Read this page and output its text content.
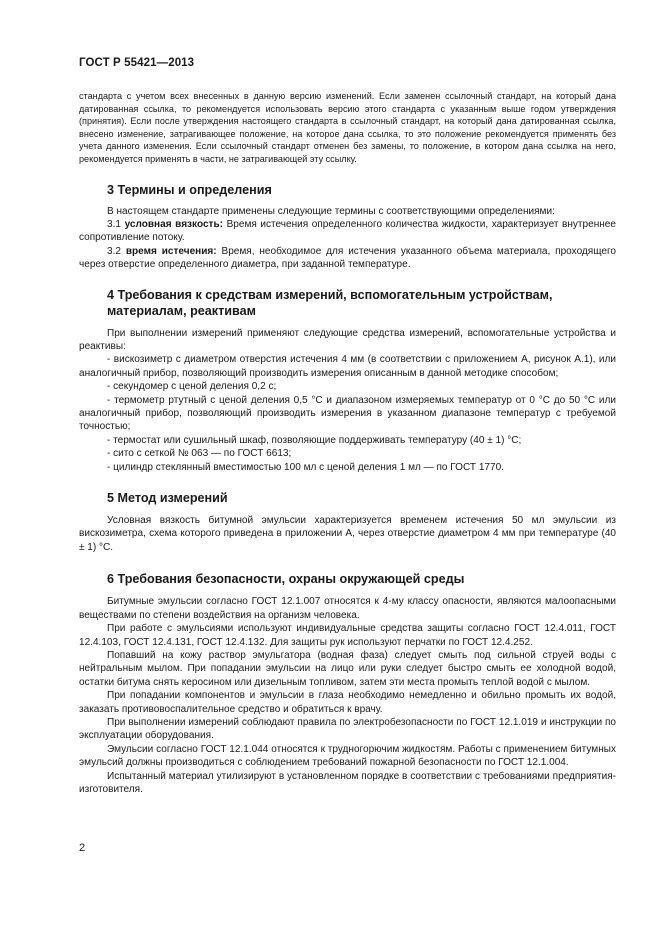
ГОСТ Р 55421—2013

стандарта с учетом всех внесенных в данную версию изменений. Если заменен ссылочный стандарт, на который дана датированная ссылка, то рекомендуется использовать версию этого стандарта с указанным выше годом утверждения (принятия). Если после утверждения настоящего стандарта в ссылочный стандарт, на который дана датированная ссылка, внесено изменение, затрагивающее положение, на которое дана ссылка, то это положение рекомендуется применять без учета данного изменения. Если ссылочный стандарт отменен без замены, то положение, в котором дана ссылка на него, рекомендуется применять в части, не затрагивающей эту ссылку.

3 Термины и определения

В настоящем стандарте применены следующие термины с соответствующими определениями:

3.1 условная вязкость: Время истечения определенного количества жидкости, характеризует внутреннее сопротивление потоку.

3.2 время истечения: Время, необходимое для истечения указанного объема материала, проходящего через отверстие определенного диаметра, при заданной температуре.

4 Требования к средствам измерений, вспомогательным устройствам, материалам, реактивам

При выполнении измерений применяют следующие средства измерений, вспомогательные устройства и реактивы:

- вискозиметр с диаметром отверстия истечения 4 мм (в соответствии с приложением А, рисунок А.1), или аналогичный прибор, позволяющий производить измерения описанным в данной методике способом;

- секундомер с ценой деления 0,2 с;

- термометр ртутный с ценой деления 0,5 °С и диапазоном измеряемых температур от 0 °С до 50 °С или аналогичный прибор, позволяющий производить измерения в указанном диапазоне температур с требуемой точностью;

- термостат или сушильный шкаф, позволяющие поддерживать температуру (40 ± 1) °С;

- сито с сеткой № 063 — по ГОСТ 6613;

- цилиндр стеклянный вместимостью 100 мл с ценой деления 1 мл — по ГОСТ 1770.

5 Метод измерений

Условная вязкость битумной эмульсии характеризуется временем истечения 50 мл эмульсии из вискозиметра, схема которого приведена в приложении А, через отверстие диаметром 4 мм при температуре (40 ± 1) °С.

6 Требования безопасности, охраны окружающей среды

Битумные эмульсии согласно ГОСТ 12.1.007 относятся к 4-му классу опасности, являются малоопасными веществами по степени воздействия на организм человека.

При работе с эмульсиями используют индивидуальные средства защиты согласно ГОСТ 12.4.011, ГОСТ 12.4.103, ГОСТ 12.4.131, ГОСТ 12.4.132. Для защиты рук используют перчатки по ГОСТ 12.4.252.

Попавший на кожу раствор эмульгатора (водная фаза) следует смыть под сильной струей воды с нейтральным мылом. При попадании эмульсии на лицо или руки следует быстро смыть ее холодной водой, остатки битума снять керосином или дизельным топливом, затем эти места промыть теплой водой с мылом.

При попадании компонентов и эмульсии в глаза необходимо немедленно и обильно промыть их водой, заказать противовоспалительное средство и обратиться к врачу.

При выполнении измерений соблюдают правила по электробезопасности по ГОСТ 12.1.019 и инструкции по эксплуатации оборудования.

Эмульсии согласно ГОСТ 12.1.044 относятся к трудногорючим жидкостям. Работы с применением битумных эмульсий должны производиться с соблюдением требований пожарной безопасности по ГОСТ 12.1.004.

Испытанный материал утилизируют в установленном порядке в соответствии с требованиями предприятия-изготовителя.

2
